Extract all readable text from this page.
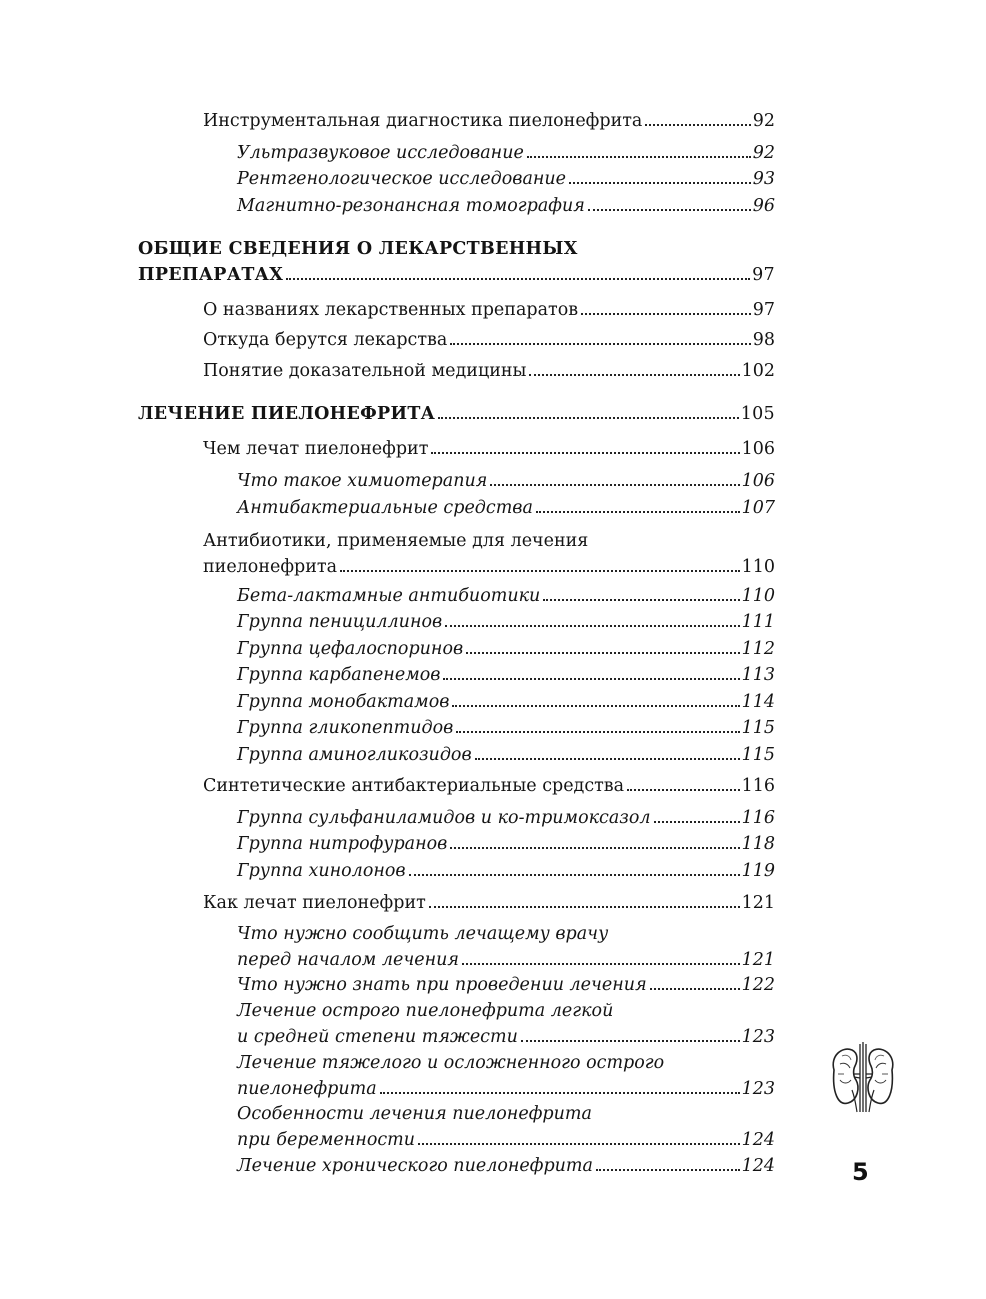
Инструментальная диагностика пиелонефрита	92
Ультразвуковое исследование	92
Рентгенологическое исследование	93
Магнитно-резонансная томография	96
ОБЩИЕ СВЕДЕНИЯ О ЛЕКАРСТВЕННЫХ
ПРЕПАРАТАХ	97
О названиях лекарственных препаратов	97
Откуда берутся лекарства	98
Понятие доказательной медицины	102
ЛЕЧЕНИЕ ПИЕЛОНЕФРИТА	105
Чем лечат пиелонефрит	106
Что такое химиотерапия	106
Антибактериальные средства	107
Антибиотики, применяемые для лечения
пиелонефрита	110
Бета-лактамные антибиотики	110
Группа пенициллинов	111
Группа цефалоспоринов	112
Группа карбапенемов	113
Группа монобактамов	114
Группа гликопептидов	115
Группа аминогликозидов	115
Синтетические антибактериальные средства	116
Группа сульфаниламидов и ко-тримоксазол	116
Группа нитрофуранов	118
Группа хинолонов	119
Как лечат пиелонефрит	121
Что нужно сообщить лечащему врачу
перед началом лечения	121
Что нужно знать при проведении лечения	122
Лечение острого пиелонефрита легкой
и средней степени тяжести	123
Лечение тяжелого и осложненного острого
пиелонефрита	123
Особенности лечения пиелонефрита
при беременности	124
Лечение хронического пиелонефрита	124	5
